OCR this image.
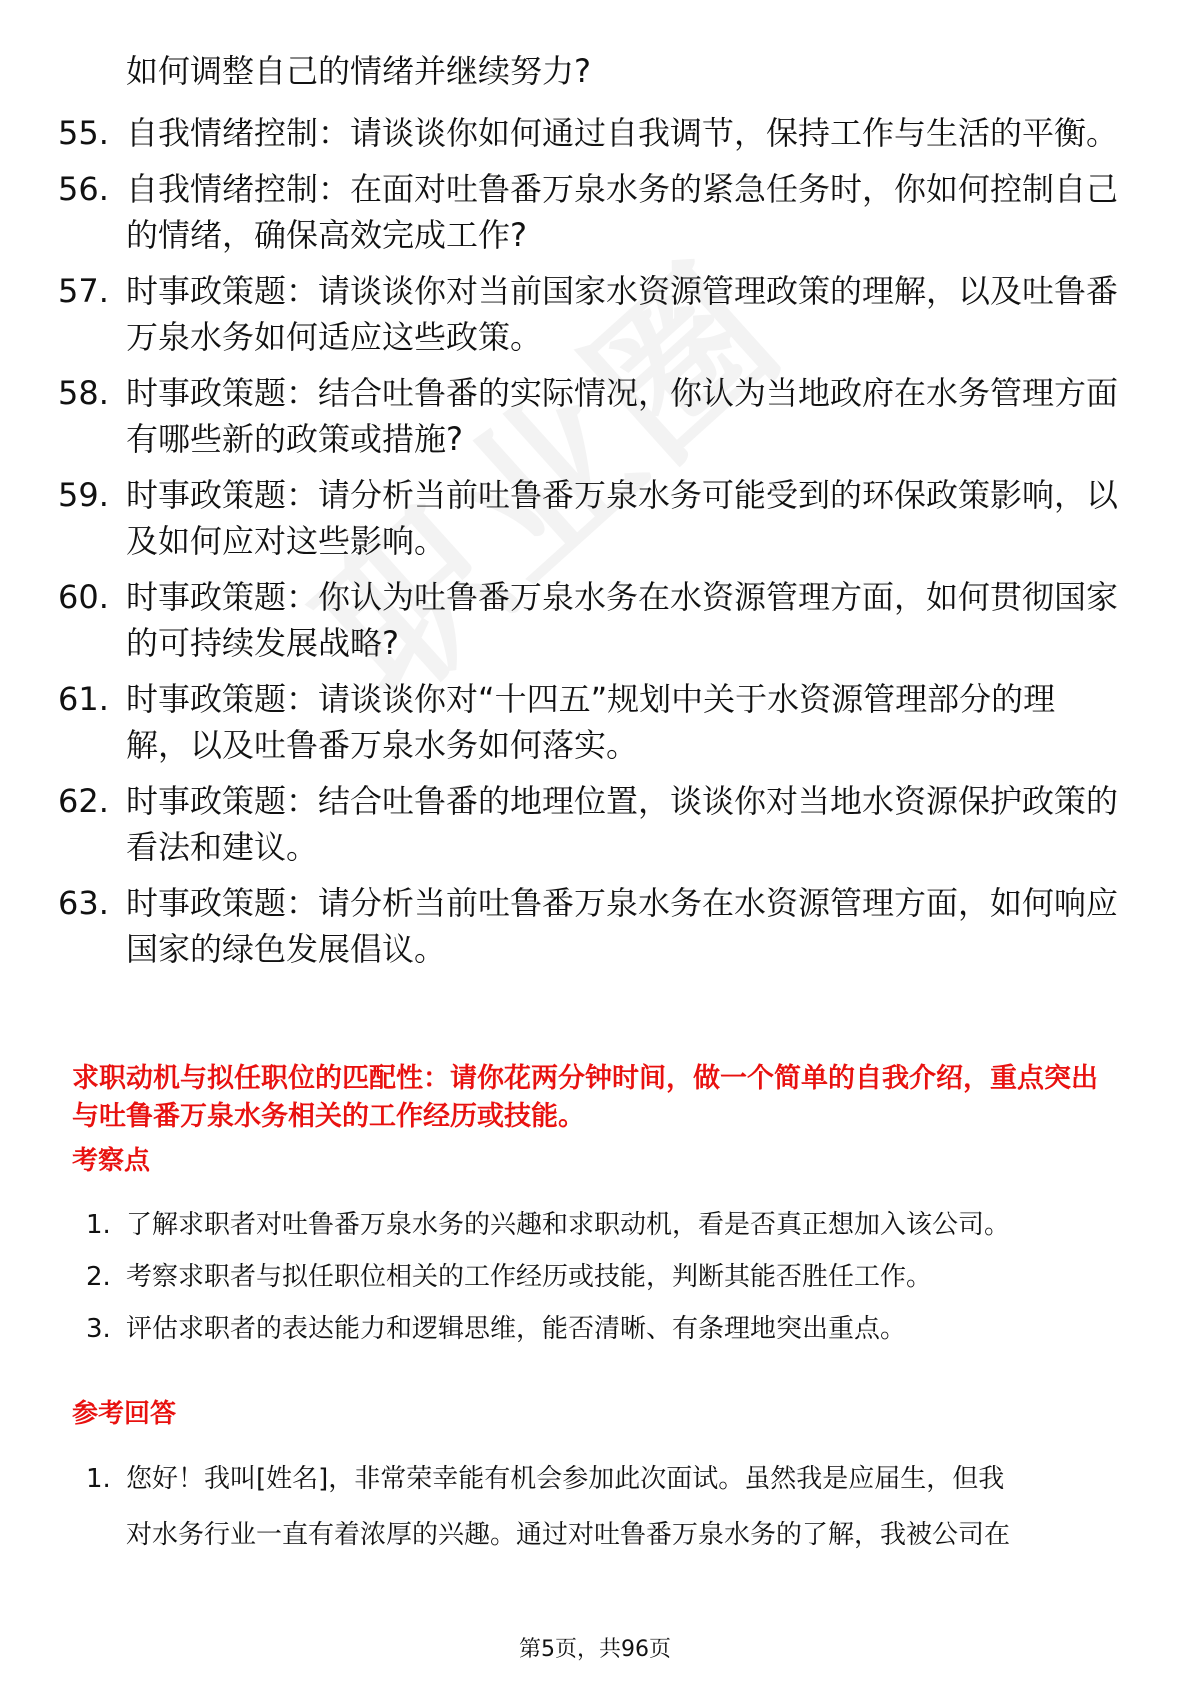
如何调整自己的情绪并继续努力?

55. 自我情绪控制：请谈谈你如何通过自我调节，保持工作与生活的平衡。
56. 自我情绪控制：在面对吐鲁番万泉水务的紧急任务时，你如何控制自己的情绪，确保高效完成工作?
57. 时事政策题：请谈谈你对当前国家水资源管理政策的理解，以及吐鲁番万泉水务如何适应这些政策。
58. 时事政策题：结合吐鲁番的实际情况，你认为当地政府在水务管理方面有哪些新的政策或措施?
59. 时事政策题：请分析当前吐鲁番万泉水务可能受到的环保政策影响，以及如何应对这些影响。
60. 时事政策题：你认为吐鲁番万泉水务在水资源管理方面，如何贯彻国家的可持续发展战略?
61. 时事政策题：请谈谈你对“十四五”规划中关于水资源管理部分的理解，以及吐鲁番万泉水务如何落实。
62. 时事政策题：结合吐鲁番的地理位置，谈谈你对当地水资源保护政策的看法和建议。
63. 时事政策题：请分析当前吐鲁番万泉水务在水资源管理方面，如何响应国家的绿色发展倡议。

求职动机与拟任职位的匹配性：请你花两分钟时间，做一个简单的自我介绍，重点突出与吐鲁番万泉水务相关的工作经历或技能。

考察点

1. 了解求职者对吐鲁番万泉水务的兴趣和求职动机，看是否真正想加入该公司。
2. 考察求职者与拟任职位相关的工作经历或技能，判断其能否胜任工作。
3. 评估求职者的表达能力和逻辑思维，能否清晰、有条理地突出重点。

参考回答

1. 您好！我叫[姓名]，非常荣幸能有机会参加此次面试。虽然我是应届生，但我
对水务行业一直有着浓厚的兴趣。通过对吐鲁番万泉水务的了解，我被公司在
第5页，共96页
